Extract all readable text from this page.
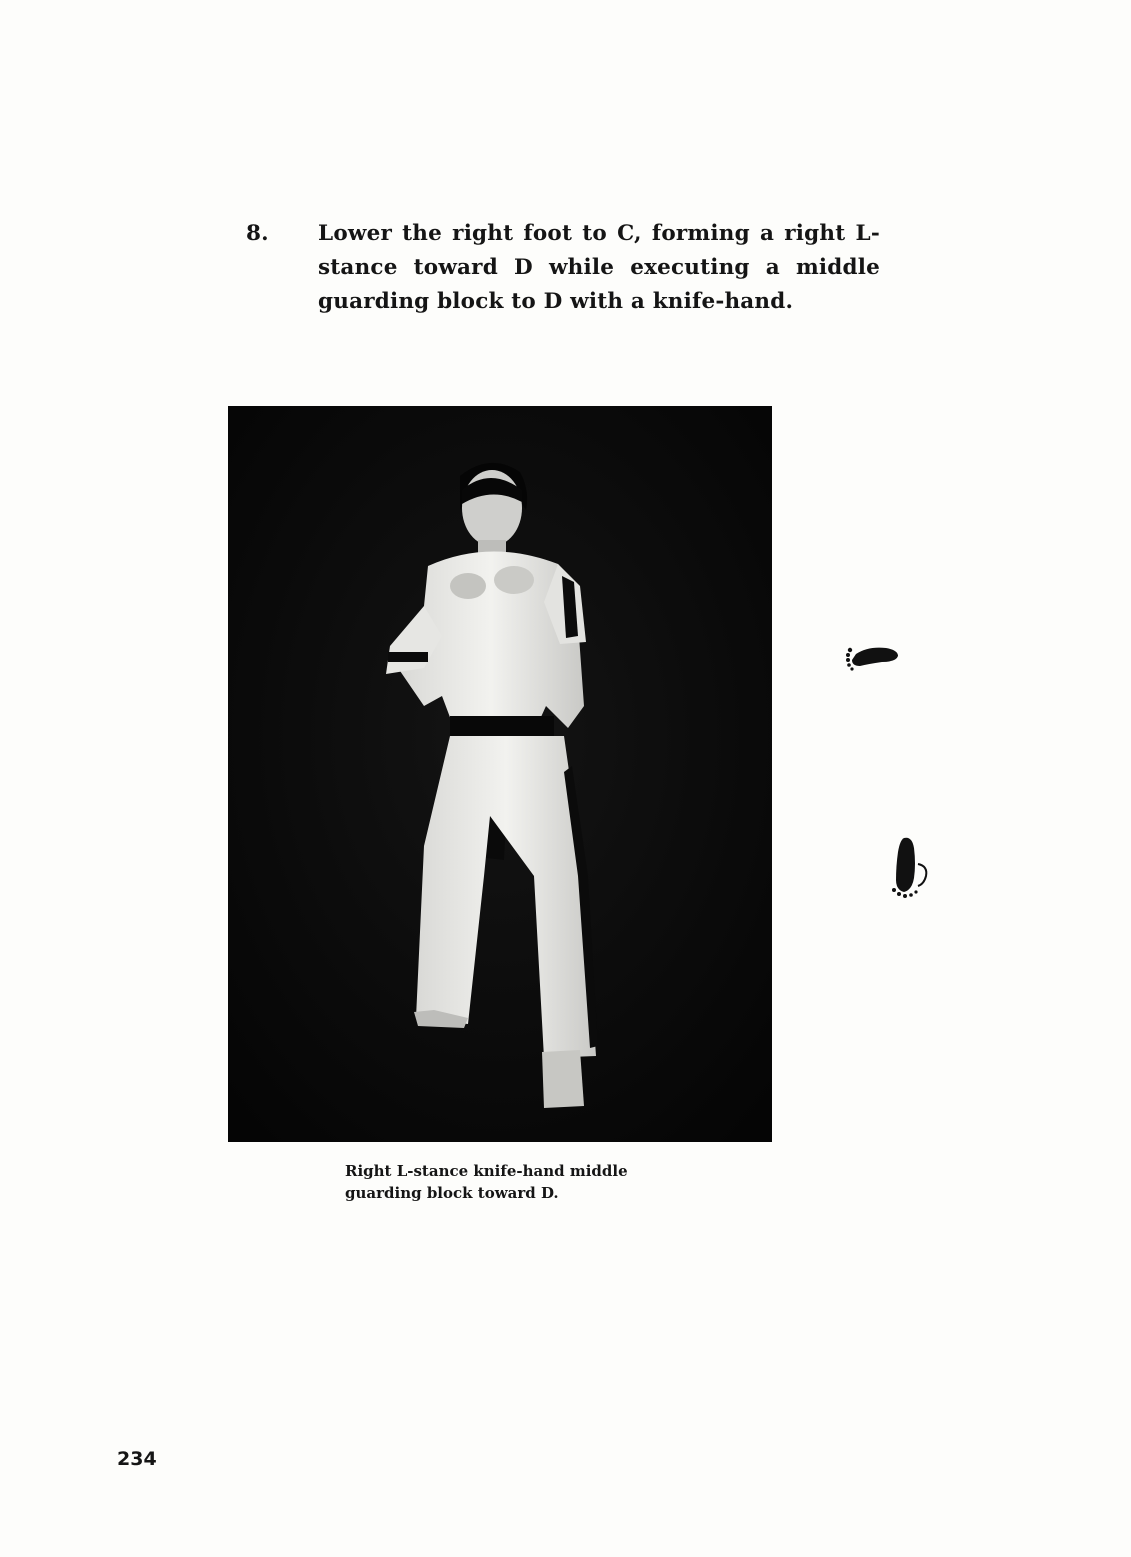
8. Lower the right foot to C, forming a right L-stance toward D while executing a middle guarding block to D with a knife-hand.

Right L-stance knife-hand middle
guarding block toward D.

234
